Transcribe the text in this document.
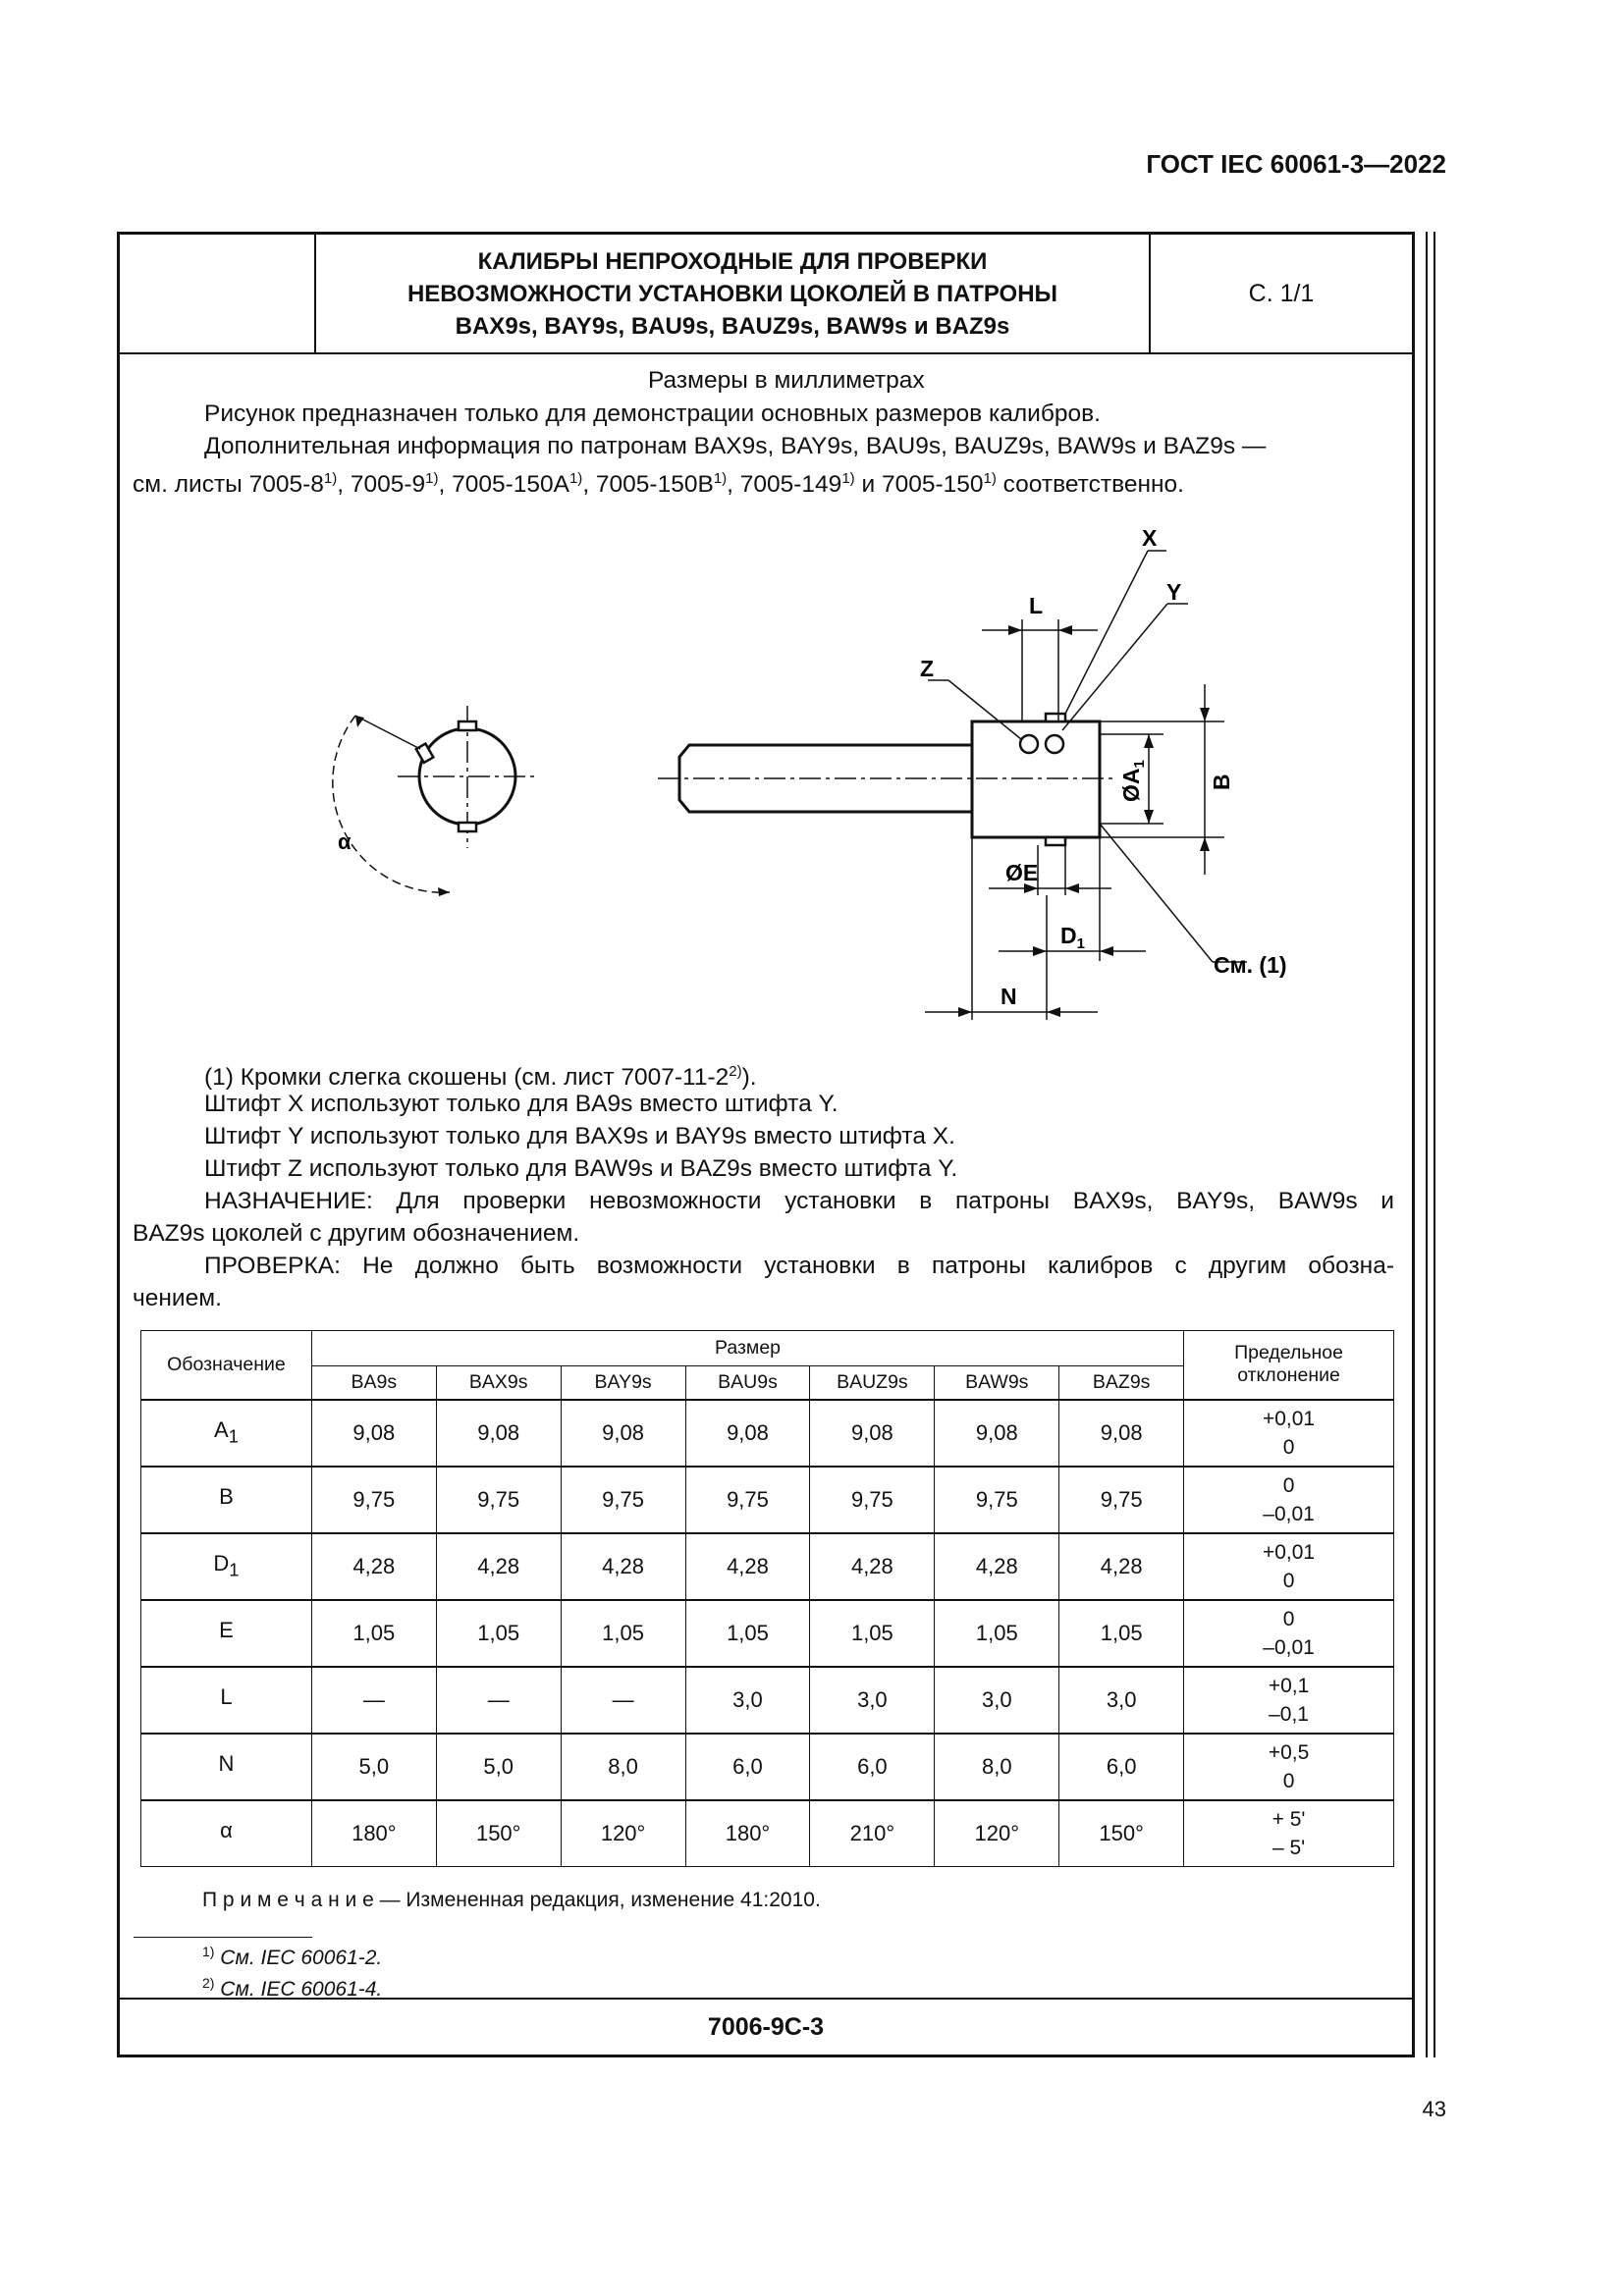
ГОСТ IEC 60061-3—2022
КАЛИБРЫ НЕПРОХОДНЫЕ ДЛЯ ПРОВЕРКИ
НЕВОЗМОЖНОСТИ УСТАНОВКИ ЦОКОЛЕЙ В ПАТРОНЫ
BAX9s, BAY9s, BAU9s, BAUZ9s, BAW9s и BAZ9s
С. 1/1
Размеры в миллиметрах
Рисунок предназначен только для демонстрации основных размеров калибров.
Дополнительная информация по патронам BAX9s, BAY9s, BAU9s, BAUZ9s, BAW9s и BAZ9s —
см. листы 7005-8$^{1)}$, 7005-9$^{1)}$, $7005-150A^{1)}$, $7005-150B^{1)}$, 7005-149$^{1)}$ и 7005-150$^{1)}$ соответственно.
α
X
Y
Z
L
B
$ØA_1$
ØE
$D_1$
N
См. (1)
(1) Кромки слегка скошены (см. лист 7007-11-2$^{2)}$).
Штифт X используют только для BA9s вместо штифта Y.
Штифт Y используют только для BAX9s и BAY9s вместо штифта X.
Штифт Z используют только для BAW9s и BAZ9s вместо штифта Y.
НАЗНАЧЕНИЕ: Для проверки невозможности установки в патроны BAX9s, BAY9s, BAW9s и
BAZ9s цоколей с другим обозначением.
ПРОВЕРКА: Не должно быть возможности установки в патроны калибров с другим обозна-
чением.
7006-9C-3
Обозначение	Размер							Предельное отклонение
	BA9s	BAX9s	BAY9s	BAU9s	BAUZ9s	BAW9s	BAZ9s	
$A_1$	9,08	9,08	9,08	9,08	9,08	9,08	9,08	+0,01
0

B	9,75	9,75	9,75	9,75	9,75	9,75	9,75	0
–0,01

$D_1$	4,28	4,28	4,28	4,28	4,28	4,28	4,28	+0,01
0

E	1,05	1,05	1,05	1,05	1,05	1,05	1,05	0
–0,01

L	—	—	—	3,0	3,0	3,0	3,0	+0,1
–0,1

N	5,0	5,0	8,0	6,0	6,0	8,0	6,0	+0,5
0

α	180°	150°	120°	180°	210°	120°	150°	+ 5'
– 5'
П р и м е ч а н и е — Измененная редакция, изменение 41:2010.
$^{1)}$ См. IEC 60061-2.
$^{2)}$ См. IEC 60061-4.
43
